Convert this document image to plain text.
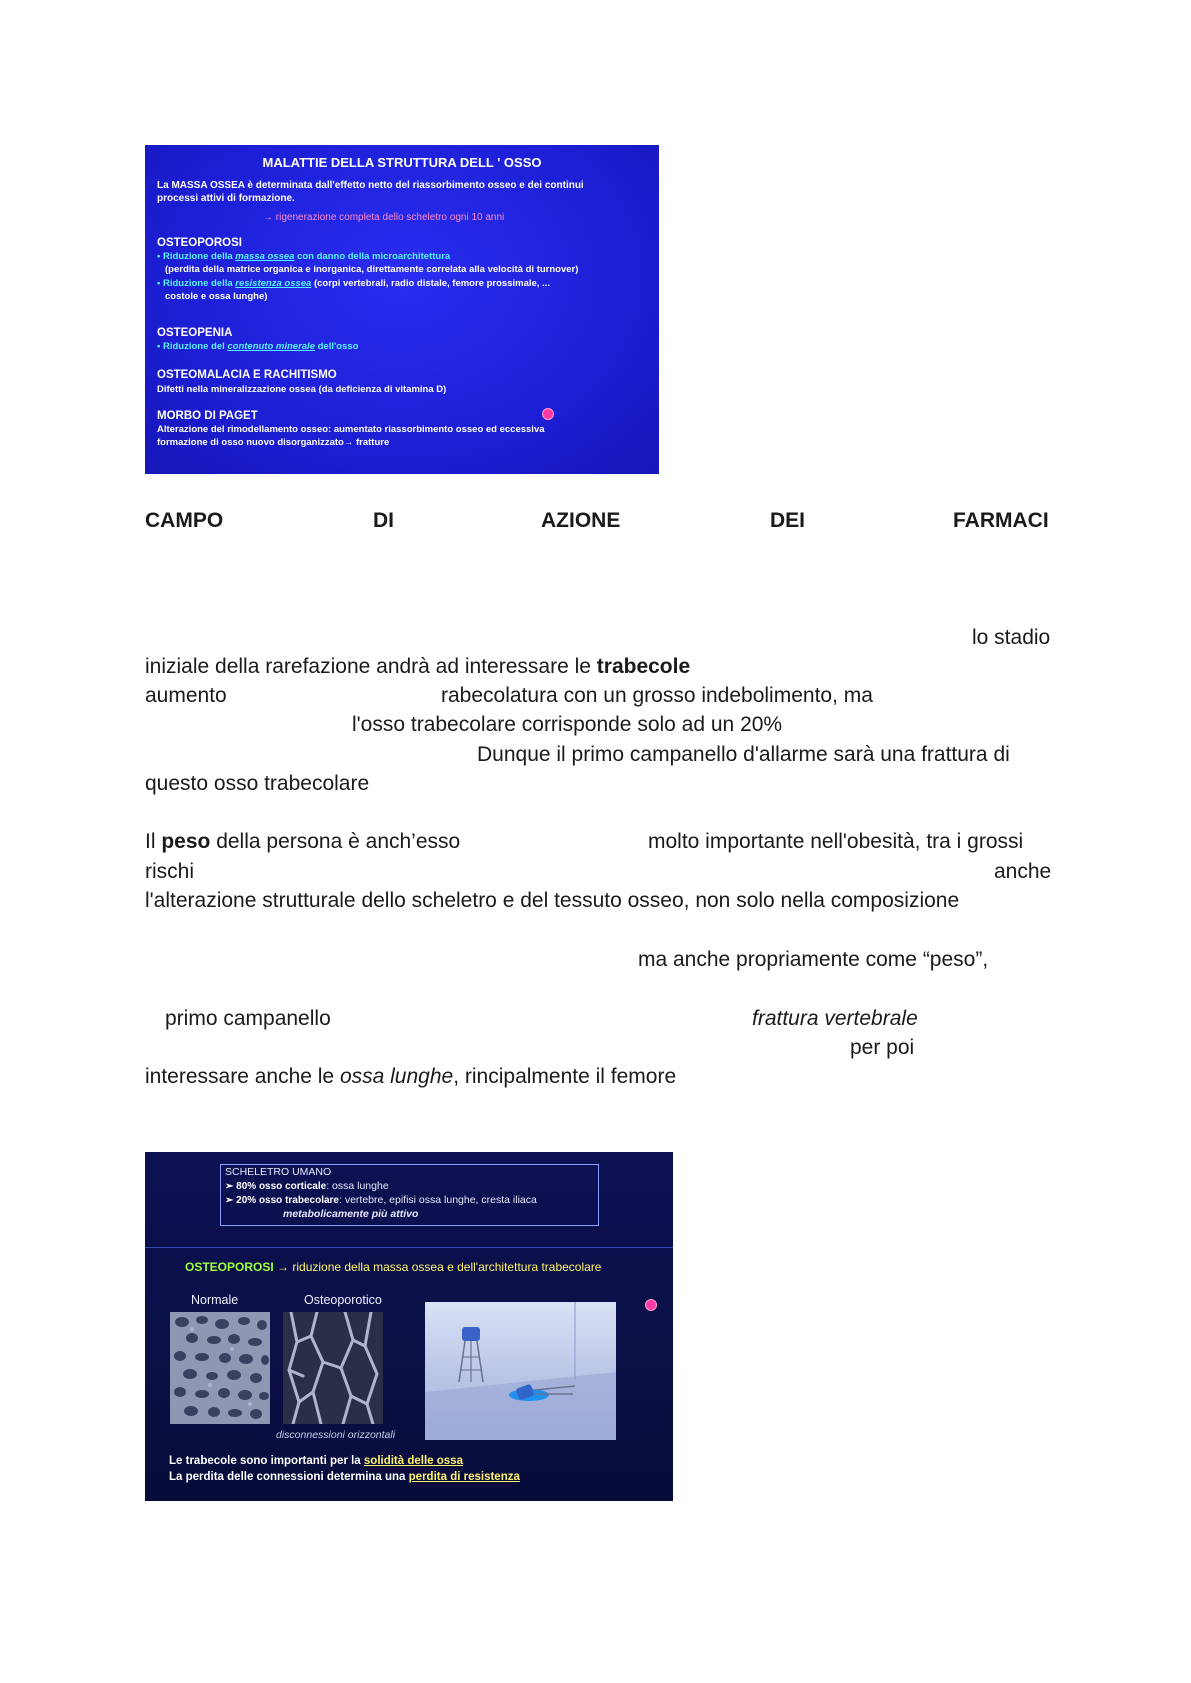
MALATTIE DELLA STRUTTURA DELL ' OSSO
La MASSA OSSEA è determinata dall'effetto netto del riassorbimento osseo e dei continui
processi attivi di formazione.
→ rigenerazione completa dello scheletro ogni 10 anni
OSTEOPOROSI
• Riduzione della massa ossea con danno della microarchitettura
(perdita della matrice organica e inorganica, direttamente correlata alla velocità di turnover)
• Riduzione della resistenza ossea (corpi vertebrali, radio distale, femore prossimale, ...
costole e ossa lunghe)
OSTEOPENIA
• Riduzione del contenuto minerale dell'osso
OSTEOMALACIA E RACHITISMO
Difetti nella mineralizzazione ossea (da deficienza di vitamina D)
MORBO DI PAGET
Alterazione del rimodellamento osseo: aumentato riassorbimento osseo ed eccessiva
formazione di osso nuovo disorganizzato→ fratture
CAMPO	DI	AZIONE	DEI	FARMACI
lo stadio
iniziale della rarefazione andrà ad interessare le trabecole
aumento	rabecolatura con un grosso indebolimento, ma
l'osso trabecolare corrisponde solo ad un 20%
Dunque il primo campanello d'allarme sarà una frattura di
questo osso trabecolare
Il peso della persona è anch’esso	molto importante nell'obesità, tra i grossi
rischi	anche
l'alterazione strutturale dello scheletro e del tessuto osseo, non solo nella composizione
ma anche propriamente come “peso”,
primo campanello	frattura vertebrale
per poi
interessare anche le ossa lunghe, rincipalmente il femore
SCHELETRO UMANO
➢ 80% osso corticale: ossa lunghe
➢ 20% osso trabecolare: vertebre, epifisi ossa lunghe, cresta iliaca
metabolicamente più attivo
OSTEOPOROSI → riduzione della massa ossea e dell'architettura trabecolare
Normale	Osteoporotico
disconnessioni orizzontali
Le trabecole sono importanti per la solidità delle ossa
La perdita delle connessioni determina una perdita di resistenza
